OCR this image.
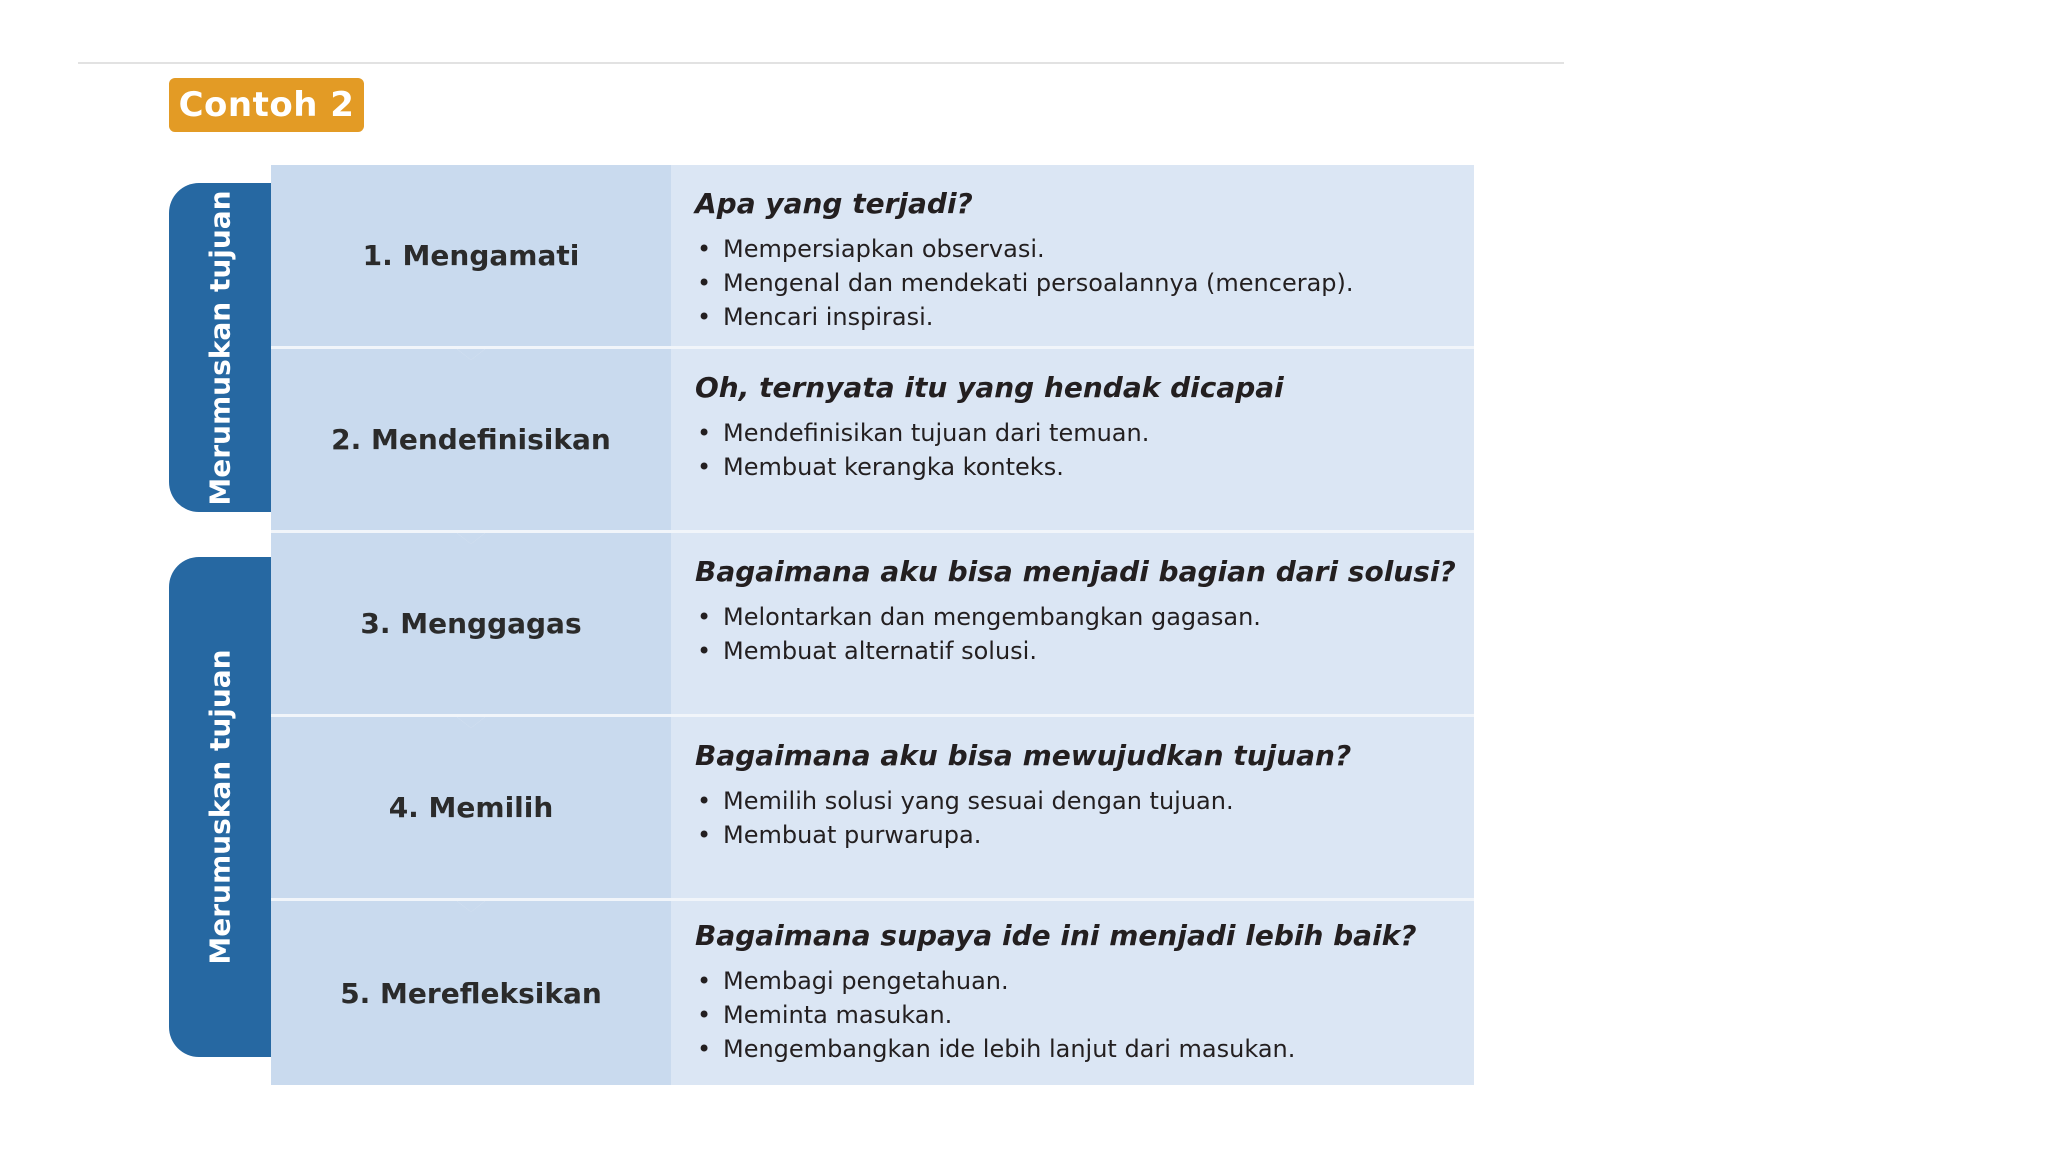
Contoh 2
Merumuskan tujuan
Merumuskan tujuan
1. Mengamati
Apa yang terjadi?
• Mempersiapkan observasi.
• Mengenal dan mendekati persoalannya (mencerap).
• Mencari inspirasi.
2. Mendefinisikan
Oh, ternyata itu yang hendak dicapai
• Mendefinisikan tujuan dari temuan.
• Membuat kerangka konteks.
3. Menggagas
Bagaimana aku bisa menjadi bagian dari solusi?
• Melontarkan dan mengembangkan gagasan.
• Membuat alternatif solusi.
4. Memilih
Bagaimana aku bisa mewujudkan tujuan?
• Memilih solusi yang sesuai dengan tujuan.
• Membuat purwarupa.
5. Merefleksikan
Bagaimana supaya ide ini menjadi lebih baik?
• Membagi pengetahuan.
• Meminta masukan.
• Mengembangkan ide lebih lanjut dari masukan.
